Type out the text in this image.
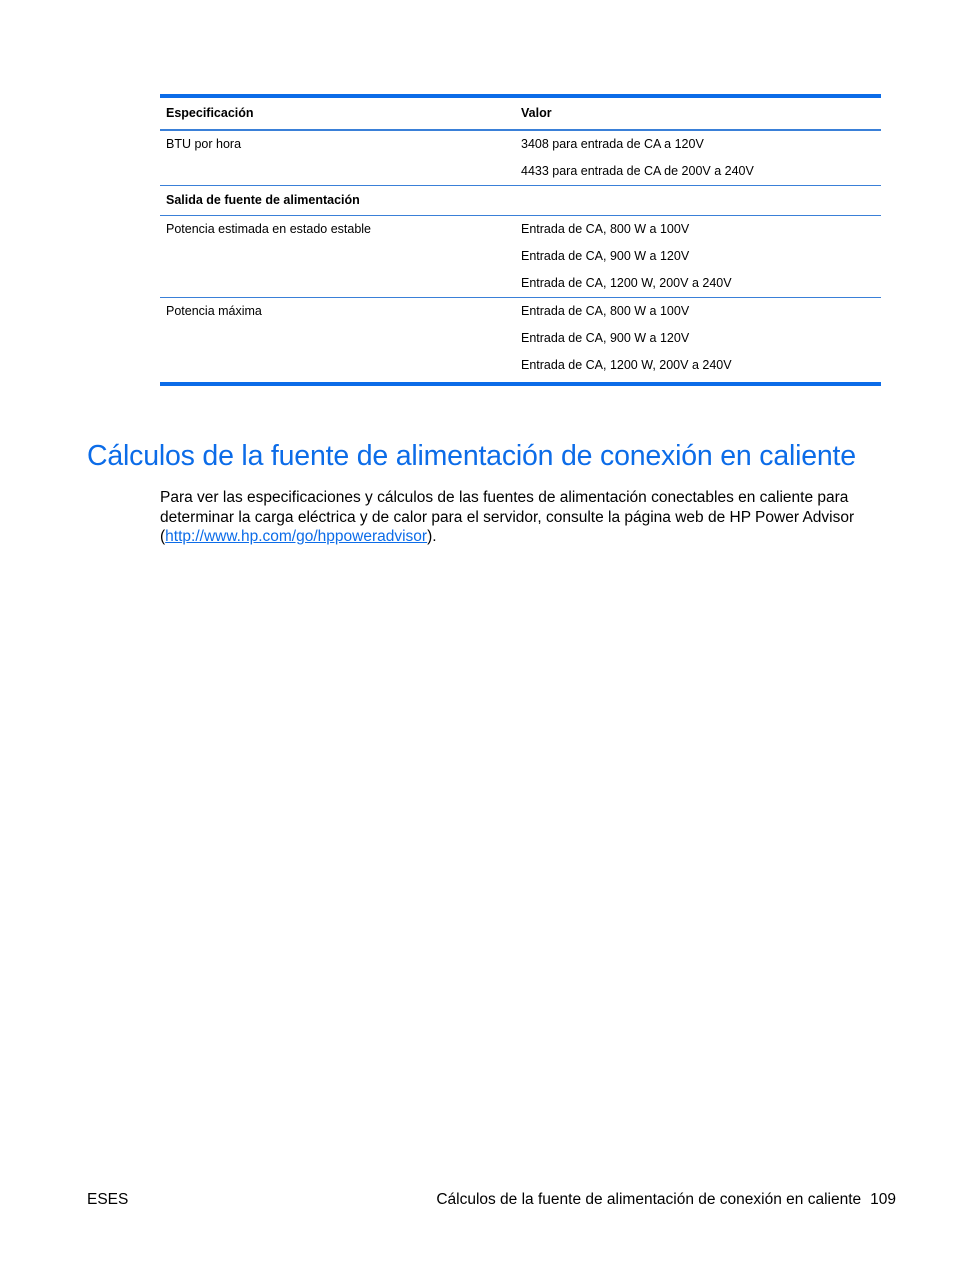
Especificación	Valor
BTU por hora	3408 para entrada de CA a 120V
4433 para entrada de CA de 200V a 240V
Salida de fuente de alimentación
Potencia estimada en estado estable	Entrada de CA, 800 W a 100V
Entrada de CA, 900 W a 120V
Entrada de CA, 1200 W, 200V a 240V
Potencia máxima	Entrada de CA, 800 W a 100V
Entrada de CA, 900 W a 120V
Entrada de CA, 1200 W, 200V a 240V
Cálculos de la fuente de alimentación de conexión en caliente

Para ver las especificaciones y cálculos de las fuentes de alimentación conectables en caliente para determinar la carga eléctrica y de calor para el servidor, consulte la página web de HP Power Advisor (http://www.hp.com/go/hppoweradvisor).

ESES	Cálculos de la fuente de alimentación de conexión en caliente 109
